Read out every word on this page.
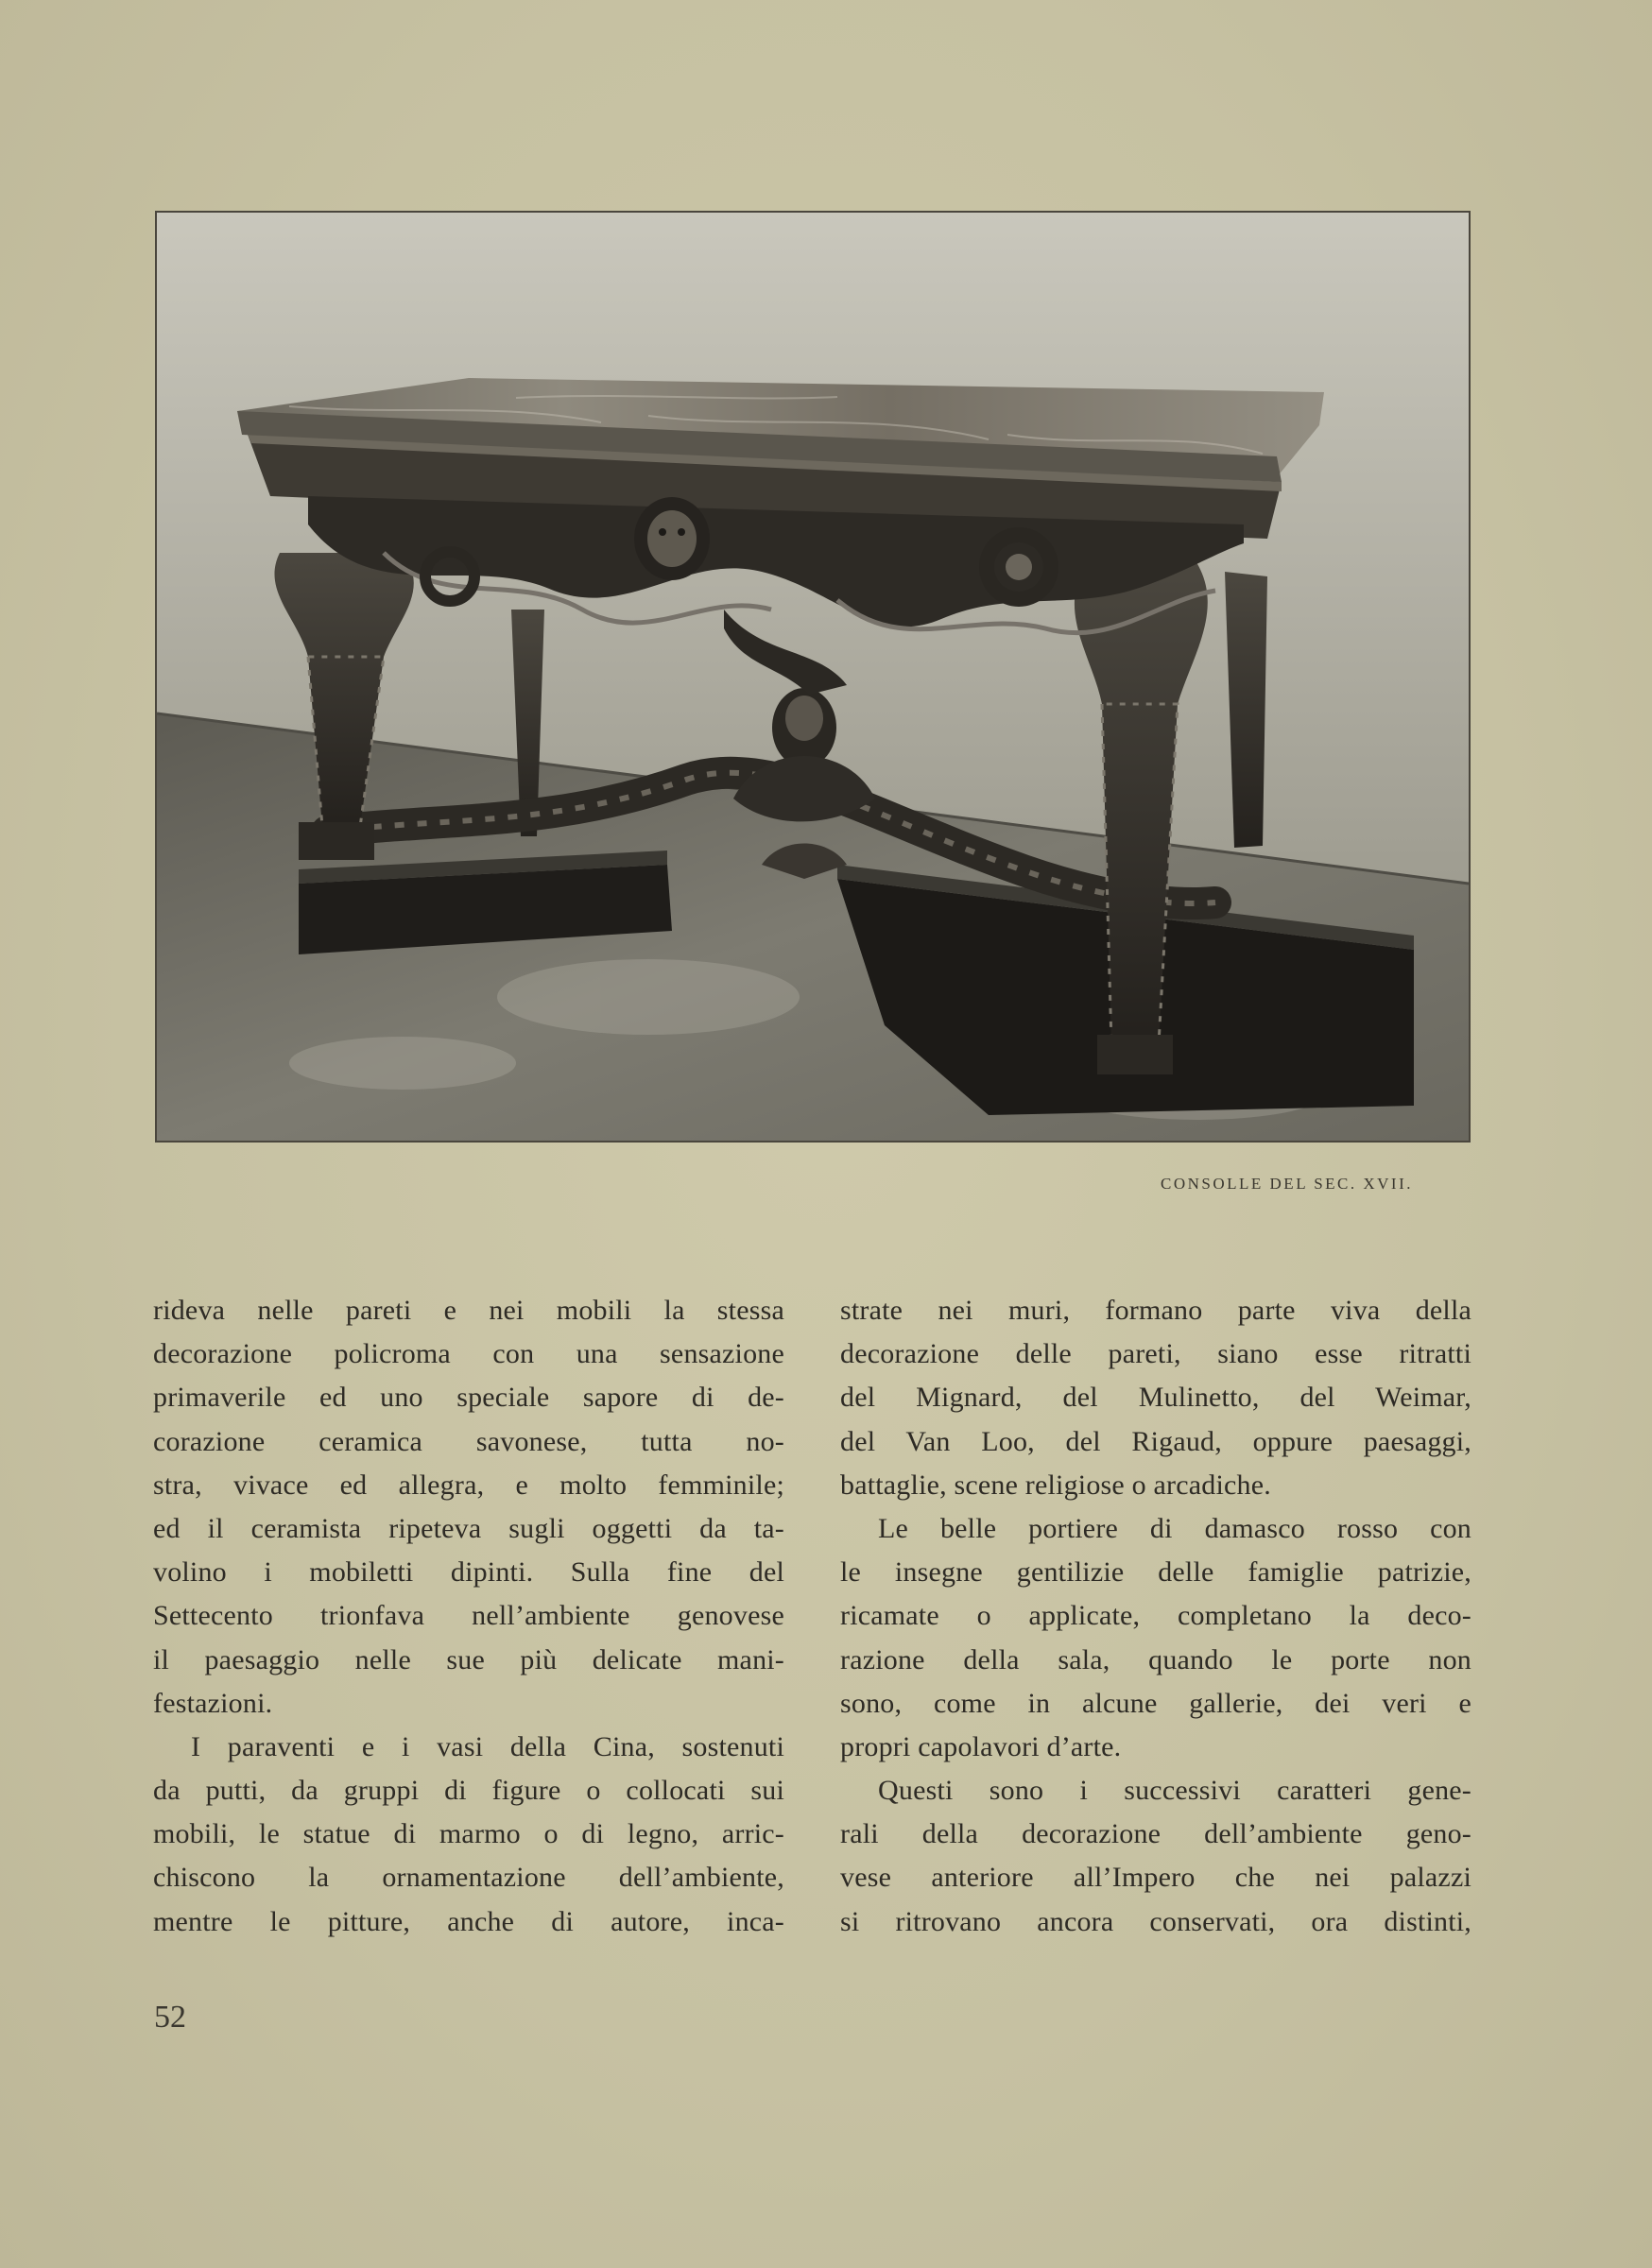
CONSOLLE DEL SEC. XVII.
rideva nelle pareti e nei mobili la stessa
decorazione policroma con una sensazione
primaverile ed uno speciale sapore di de-
corazione ceramica savonese, tutta no-
stra, vivace ed allegra, e molto femminile;
ed il ceramista ripeteva sugli oggetti da ta-
volino i mobiletti dipinti. Sulla fine del
Settecento trionfava nell’ambiente genovese
il paesaggio nelle sue più delicate mani-
festazioni.
I paraventi e i vasi della Cina, sostenuti
da putti, da gruppi di figure o collocati sui
mobili, le statue di marmo o di legno, arric-
chiscono la ornamentazione dell’ambiente,
mentre le pitture, anche di autore, inca-
strate nei muri, formano parte viva della
decorazione delle pareti, siano esse ritratti
del Mignard, del Mulinetto, del Weimar,
del Van Loo, del Rigaud, oppure paesaggi,
battaglie, scene religiose o arcadiche.
Le belle portiere di damasco rosso con
le insegne gentilizie delle famiglie patrizie,
ricamate o applicate, completano la deco-
razione della sala, quando le porte non
sono, come in alcune gallerie, dei veri e
propri capolavori d’arte.
Questi sono i successivi caratteri gene-
rali della decorazione dell’ambiente geno-
vese anteriore all’Impero che nei palazzi
si ritrovano ancora conservati, ora distinti,
52
